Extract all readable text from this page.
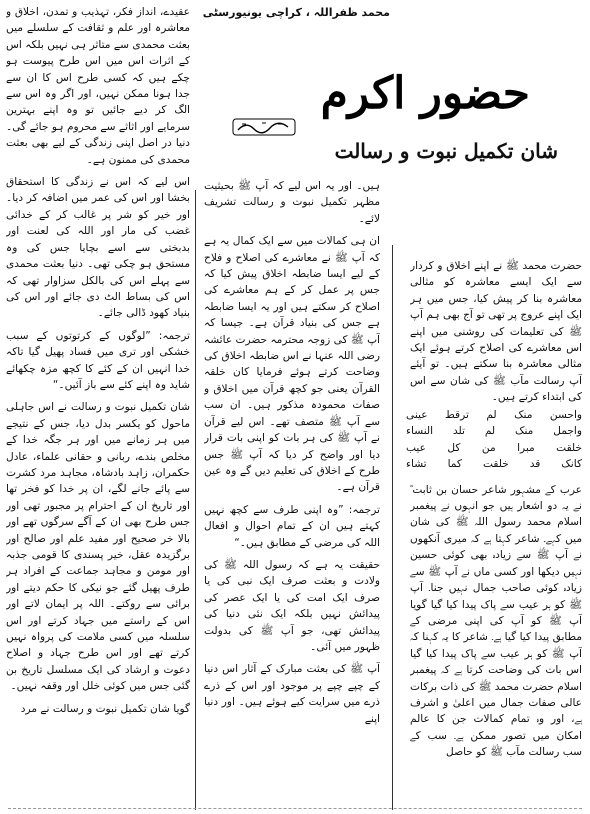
محمد ظفراللہ ، کراچی یونیورسٹی
حضور اکرم
شان تکمیل نبوت و رسالت

حضرت محمد ﷺ نے اپنے اخلاق و کردار سے ایک ایسے معاشرہ کو مثالی معاشرہ بنا کر پیش کیا، جس میں ہر ایک اپنے عروج پر تھی تو آج بھی ہم آپ ﷺ کی تعلیمات کی روشنی میں اپنے اس معاشرے کی اصلاح کرتے ہوئے ایک مثالی معاشرہ بنا سکتے ہیں۔ تو آیئے آپ رسالت مآب ﷺ کی شان سے اس کی ابتداء کرتے ہیں۔

عرب کے مشہور شاعر حسان بن ثابت ؓ نے یہ دو اشعار ہیں جو انہوں نے پیغمبر اسلام محمد رسول اللہ ﷺ کی شان میں کہے۔ شاعر کہتا ہے کہ میری آنکھوں نے آپ ﷺ سے زیادہ بھی کوئی حسین نہیں دیکھا اور کسی ماں نے آپ ﷺ سے زیادہ کوئی صاحب جمال نہیں جنا۔ آپ ﷺ کو ہر عیب سے پاک پیدا کیا گیا گویا آپ ﷺ کو آپ کی اپنی مرضی کے مطابق پیدا کیا گیا ہے۔ شاعر کا یہ کہنا کہ آپ ﷺ کو ہر عیب سے پاک پیدا کیا گیا اس بات کی وضاحت کرتا ہے کہ پیغمبر اسلام حضرت محمد ﷺ کی ذات برکات عالی صفات جمال میں اعلیٰ و اشرف ہے، اور وہ تمام کمالات جن کا عالم امکان میں تصور ممکن ہے۔ سب کے سب رسالت مآب ﷺ کو حاصل

واحسن
منک
لم
ترقط
عینی
واجمل
منک
لم
تلد
النساء
خلقت
مبرا
من
کل
عیب
کانک
قد
خلقت
کما
تشاء

ہیں۔ اور یہ اس لیے کہ آپ ﷺ بحیثیت مظہر تکمیل نبوت و رسالت تشریف لائے۔

ان ہی کمالات میں سے ایک کمال یہ ہے کہ آپ ﷺ نے معاشرے کی اصلاح و فلاح کے لیے ایسا ضابطہ اخلاق پیش کیا کہ جس پر عمل کر کے ہم معاشرے کی اصلاح کر سکتے ہیں اور یہ ایسا ضابطہ ہے جس کی بنیاد قرآن ہے۔ جیسا کہ آپ ﷺ کی زوجہ محترمہ حضرت عائشہ رضی اللہ عنہا نے اس ضابطہ اخلاق کی وضاحت کرتے ہوئے فرمایا کان خلقہ القرآن یعنی جو کچھ قرآن میں اخلاق و صفات محمودہ مذکور ہیں۔ ان سب سے آپ ﷺ متصف تھے۔ اس لیے قرآن نے آپ ﷺ کی ہر بات کو اپنی بات قرار دیا اور واضح کر دیا کہ آپ ﷺ جس طرح کے اخلاق کی تعلیم دیں گے وہ عین قرآن ہے۔

ترجمہ: ”وہ اپنی طرف سے کچھ نہیں کہتے ہیں ان کے تمام احوال و افعال اللہ کی مرضی کے مطابق ہیں۔“

حقیقت یہ ہے کہ رسول اللہ ﷺ کی ولادت و بعثت صرف ایک نبی کی یا صرف ایک امت کی یا ایک عصر کی پیدائش نہیں بلکہ ایک نئی دنیا کی پیدائش تھی، جو آپ ﷺ کی بدولت ظہور میں آئی۔

آپ ﷺ کی بعثت مبارک کے آثار اس دنیا کے چپے چپے پر موجود اور اس کے ذرے ذرے میں سرایت کیے ہوئے ہیں۔ اور دنیا اپنے

عقیدے، انداز فکر، تہذیب و تمدن، اخلاق و معاشرہ اور علم و ثقافت کے سلسلے میں بعثت محمدی سے متاثر ہی نہیں بلکہ اس کے اثرات اس میں اس طرح پیوست ہو چکے ہیں کہ کسی طرح اس کا ان سے جدا ہونا ممکن نہیں، اور اگر وہ اس سے الگ کر دیے جائیں تو وہ اپنے بہترین سرمایے اور اثاثے سے محروم ہو جائے گی۔ دنیا در اصل اپنی زندگی کے لیے بھی بعثت محمدی کی ممنون ہے۔

اس لیے کہ اس نے زندگی کا استحقاق بخشا اور اس کی عمر میں اضافہ کر دیا۔ اور خیر کو شر پر غالب کر کے خدائی غضب کی مار اور اللہ کی لعنت اور بدبختی سے اسے بچایا جس کی وہ مستحق ہو چکی تھی۔ دنیا بعثت محمدی سے پہلے اس کی بالکل سزاوار تھی کہ اس کی بساط الٹ دی جائے اور اس کی بنیاد کھود ڈالی جائے۔

ترجمہ: ”لوگوں کے کرتوتوں کے سبب خشکی اور تری میں فساد پھیل گیا تاکہ خدا انہیں ان کے کئے کا کچھ مزہ چکھائے شاید وہ اپنے کئے سے باز آئیں۔“

شان تکمیل نبوت و رسالت نے اس جاہلی ماحول کو یکسر بدل دیا، جس کے نتیجے میں ہر زمانے میں اور ہر جگہ خدا کے مخلص بندے، ربانی و حقانی علماء، عادل حکمران، زاہد بادشاہ، مجاہد مرد کشرت سے پائے جانے لگے، ان پر خدا کو فخر تھا اور تاریخ ان کے احترام پر مجبور تھی اور جس طرح بھی ان کے آگے سرگوں تھے اور بالا خر صحیح اور مفید علم اور صالح اور برگزیدہ عقل، خیر پسندی کا قومی جذبہ اور مومن و مجاہد جماعت کے افراد ہر طرف پھیل گئے جو نیکی کا حکم دیتے اور برائی سے روکتے۔ اللہ پر ایمان لاتے اور اس کے راستے میں جہاد کرتے اور اس سلسلہ میں کسی ملامت کی پرواہ نہیں کرتے تھے اور اس طرح جہاد و اصلاح دعوت و ارشاد کی ایک مسلسل تاریخ بن گئی جس میں کوئی خلل اور وقفہ نہیں۔

گویا شان تکمیل نبوت و رسالت نے مرد
